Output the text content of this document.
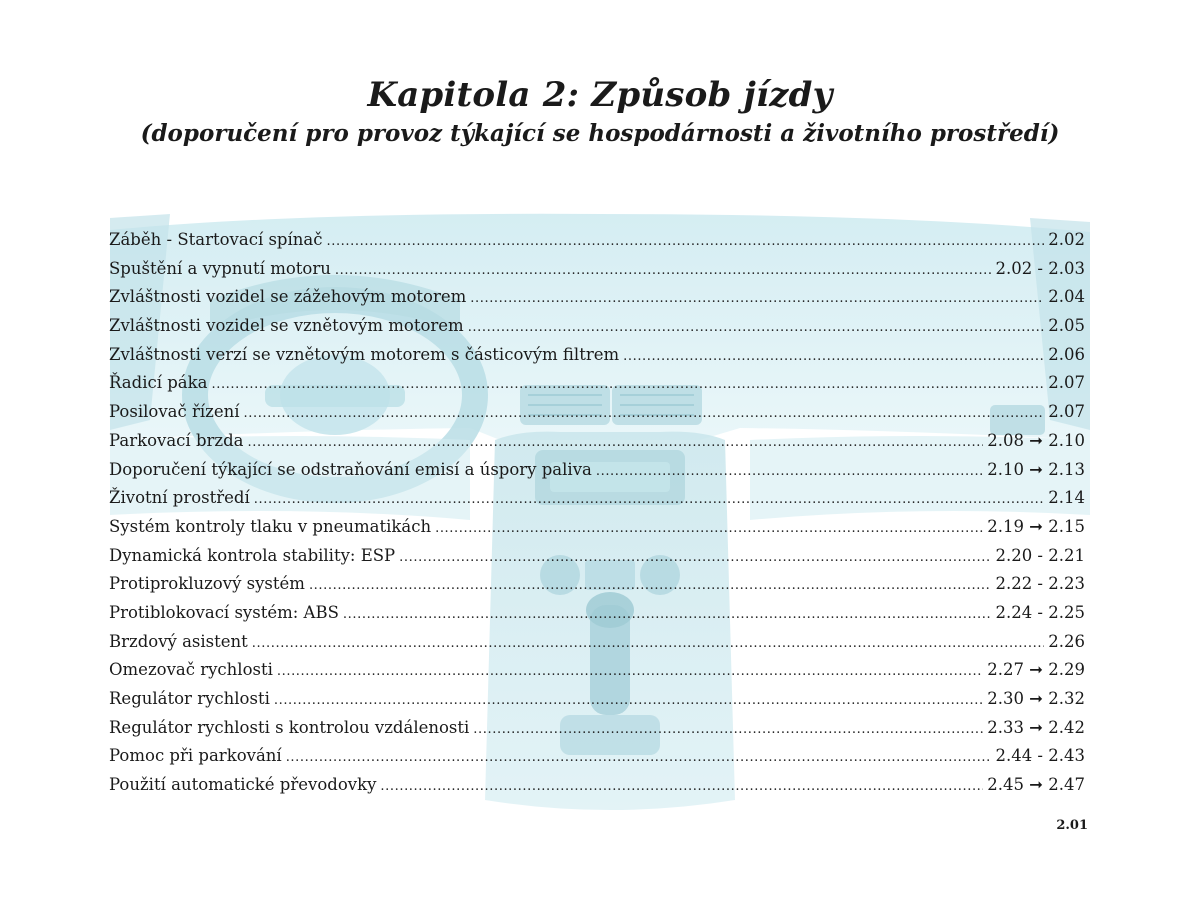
Kapitola 2: Způsob jízdy
(doporučení pro provoz týkající se hospodárnosti a životního prostředí)
Záběh - Startovací spínač .....	2.02
Spuštění a vypnutí motoru .....	2.02 - 2.03
Zvláštnosti vozidel se zážehovým motorem .....	2.04
Zvláštnosti vozidel se vznětovým motorem .....	2.05
Zvláštnosti verzí se vznětovým motorem s částicovým filtrem .....	2.06
Řadicí páka .....	2.07
Posilovač řízení .....	2.07
Parkovací brzda .....	2.08 ➞ 2.10
Doporučení týkající se odstraňování emisí a úspory paliva .....	2.10 ➞ 2.13
Životní prostředí .....	2.14
Systém kontroly tlaku v pneumatikách .....	2.19 ➞ 2.15
Dynamická kontrola stability: ESP .....	2.20 - 2.21
Protiprokluzový systém .....	2.22 - 2.23
Protiblokovací systém: ABS .....	2.24 - 2.25
Brzdový asistent .....	2.26
Omezovač rychlosti .....	2.27 ➞ 2.29
Regulátor rychlosti .....	2.30 ➞ 2.32
Regulátor rychlosti s kontrolou vzdálenosti .....	2.33 ➞ 2.42
Pomoc při parkování .....	2.44 - 2.43
Použití automatické převodovky .....	2.45 ➞ 2.47
2.01
